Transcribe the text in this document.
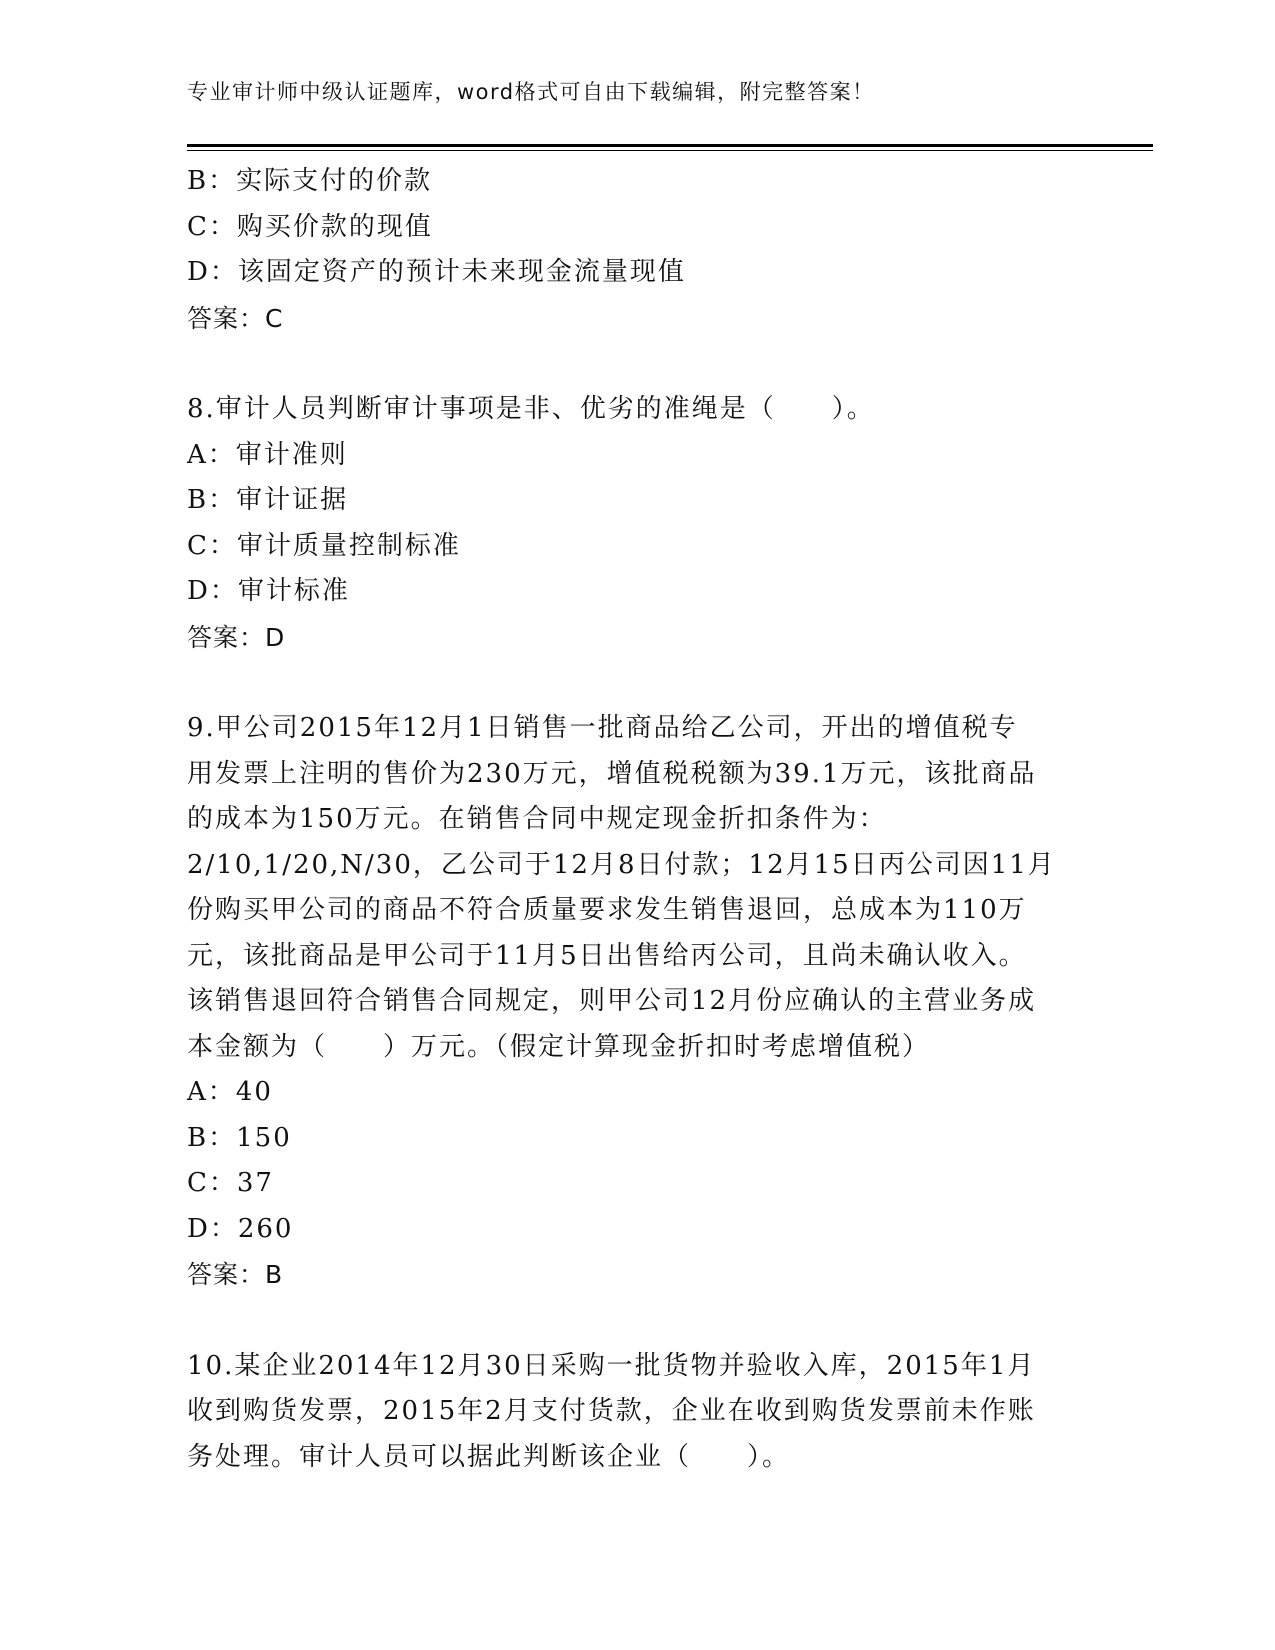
专业审计师中级认证题库，word格式可自由下载编辑，附完整答案！
B：实际支付的价款
C：购买价款的现值
D：该固定资产的预计未来现金流量现值
答案：C
8.审计人员判断审计事项是非、优劣的准绳是（　　）。
A：审计准则
B：审计证据
C：审计质量控制标准
D：审计标准
答案：D
9.甲公司2015年12月1日销售一批商品给乙公司，开出的增值税专
用发票上注明的售价为230万元，增值税税额为39.1万元，该批商品
的成本为150万元。在销售合同中规定现金折扣条件为：
2/10,1/20,N/30，乙公司于12月8日付款；12月15日丙公司因11月
份购买甲公司的商品不符合质量要求发生销售退回，总成本为110万
元，该批商品是甲公司于11月5日出售给丙公司，且尚未确认收入。
该销售退回符合销售合同规定，则甲公司12月份应确认的主营业务成
本金额为（　　）万元。（假定计算现金折扣时考虑增值税）
A：40
B：150
C：37
D：260
答案：B
10.某企业2014年12月30日采购一批货物并验收入库，2015年1月
收到购货发票，2015年2月支付货款，企业在收到购货发票前未作账
务处理。审计人员可以据此判断该企业（　　）。
